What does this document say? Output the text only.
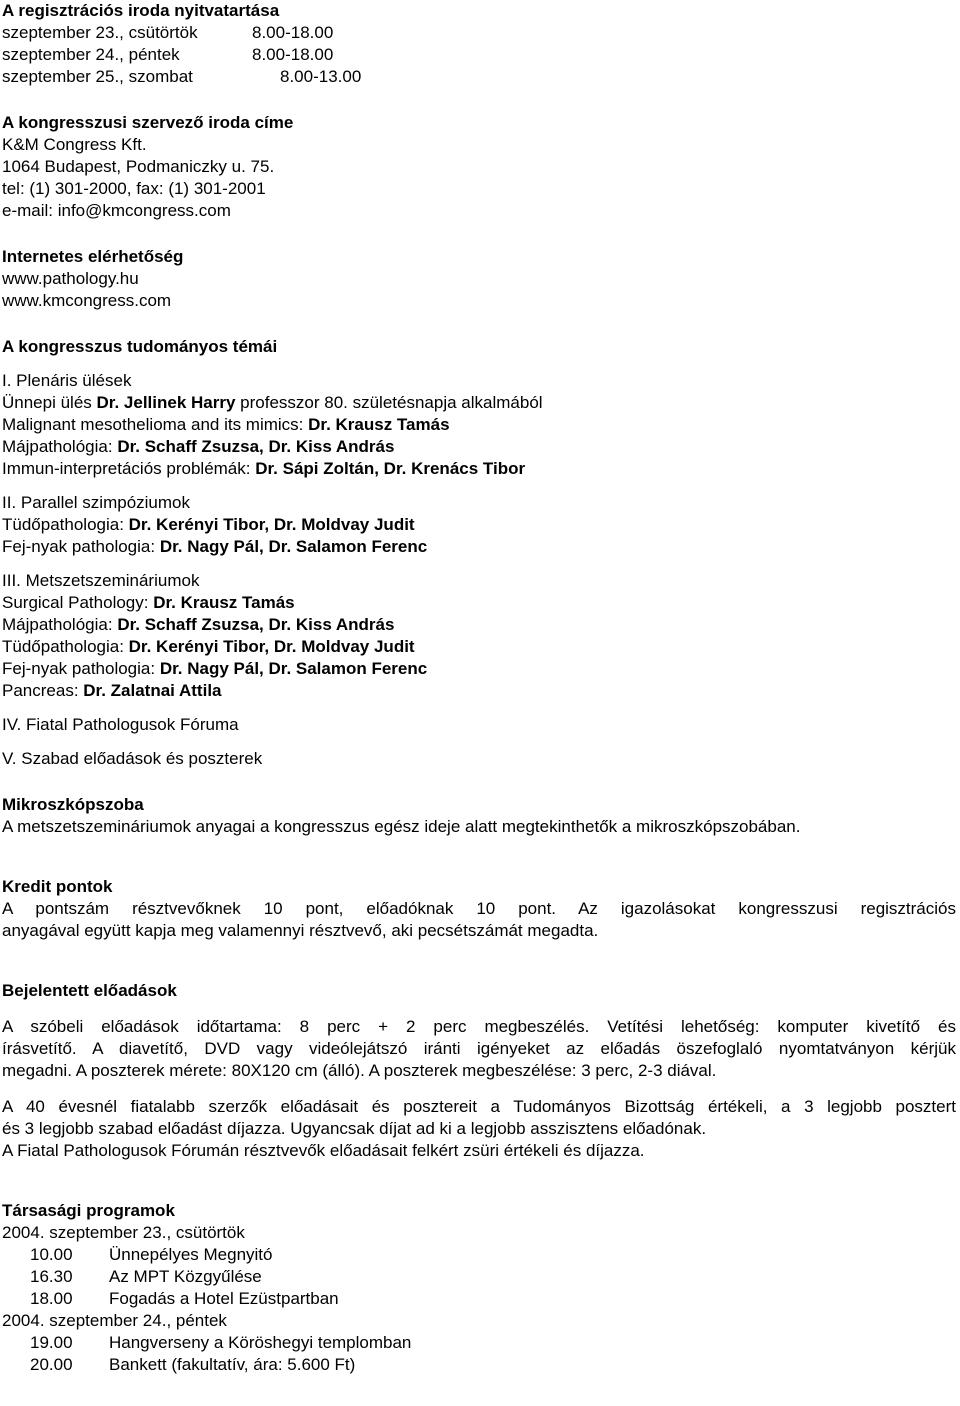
A regisztrációs iroda nyitvatartása
szeptember 23., csütörtök	8.00-18.00
szeptember 24., péntek	8.00-18.00
szeptember 25., szombat	8.00-13.00
A kongresszusi szervező iroda címe
K&M Congress Kft.
1064 Budapest, Podmaniczky u. 75.
tel: (1) 301-2000, fax: (1) 301-2001
e-mail: info@kmcongress.com
Internetes elérhetőség
www.pathology.hu
www.kmcongress.com
A kongresszus tudományos témái
I. Plenáris ülések
Ünnepi ülés Dr. Jellinek Harry professzor 80. születésnapja alkalmából
Malignant mesothelioma and its mimics: Dr. Krausz Tamás
Májpathológia: Dr. Schaff Zsuzsa, Dr. Kiss András
Immun-interpretációs problémák: Dr. Sápi Zoltán, Dr. Krenács Tibor
II. Parallel szimpóziumok
Tüdőpathologia: Dr. Kerényi Tibor, Dr. Moldvay Judit
Fej-nyak pathologia: Dr. Nagy Pál, Dr. Salamon Ferenc
III. Metszetszemináriumok
Surgical Pathology: Dr. Krausz Tamás
Májpathológia: Dr. Schaff Zsuzsa, Dr. Kiss András
Tüdőpathologia: Dr. Kerényi Tibor, Dr. Moldvay Judit
Fej-nyak pathologia: Dr. Nagy Pál, Dr. Salamon Ferenc
Pancreas: Dr. Zalatnai Attila
IV. Fiatal Pathologusok Fóruma
V. Szabad előadások és poszterek
Mikroszkópszoba
A metszetszemináriumok anyagai a kongresszus egész ideje alatt megtekinthetők a mikroszkópszobában.
Kredit pontok
A pontszám résztvevőknek 10 pont, előadóknak 10 pont. Az igazolásokat kongresszusi regisztrációs
anyagával együtt kapja meg valamennyi résztvevő, aki pecsétszámát megadta.
Bejelentett előadások
A szóbeli előadások időtartama: 8 perc + 2 perc megbeszélés. Vetítési lehetőség: komputer kivetítő és
írásvetítő. A diavetítő, DVD vagy videólejátszó iránti igényeket az előadás öszefoglaló nyomtatványon kérjük
megadni. A poszterek mérete: 80X120 cm (álló). A poszterek megbeszélése: 3 perc, 2-3 diával.
A 40 évesnél fiatalabb szerzők előadásait és posztereit a Tudományos Bizottság értékeli, a 3 legjobb posztert
és 3 legjobb szabad előadást díjazza. Ugyancsak díjat ad ki a legjobb asszisztens előadónak.
A Fiatal Pathologusok Fórumán résztvevők előadásait felkért zsüri értékeli és díjazza.
Társasági programok
2004. szeptember 23., csütörtök
10.00	Ünnepélyes Megnyitó
16.30	Az MPT Közgyűlése
18.00	Fogadás a Hotel Ezüstpartban
2004. szeptember 24., péntek
19.00	Hangverseny a Köröshegyi templomban
20.00	Bankett (fakultatív, ára: 5.600 Ft)
